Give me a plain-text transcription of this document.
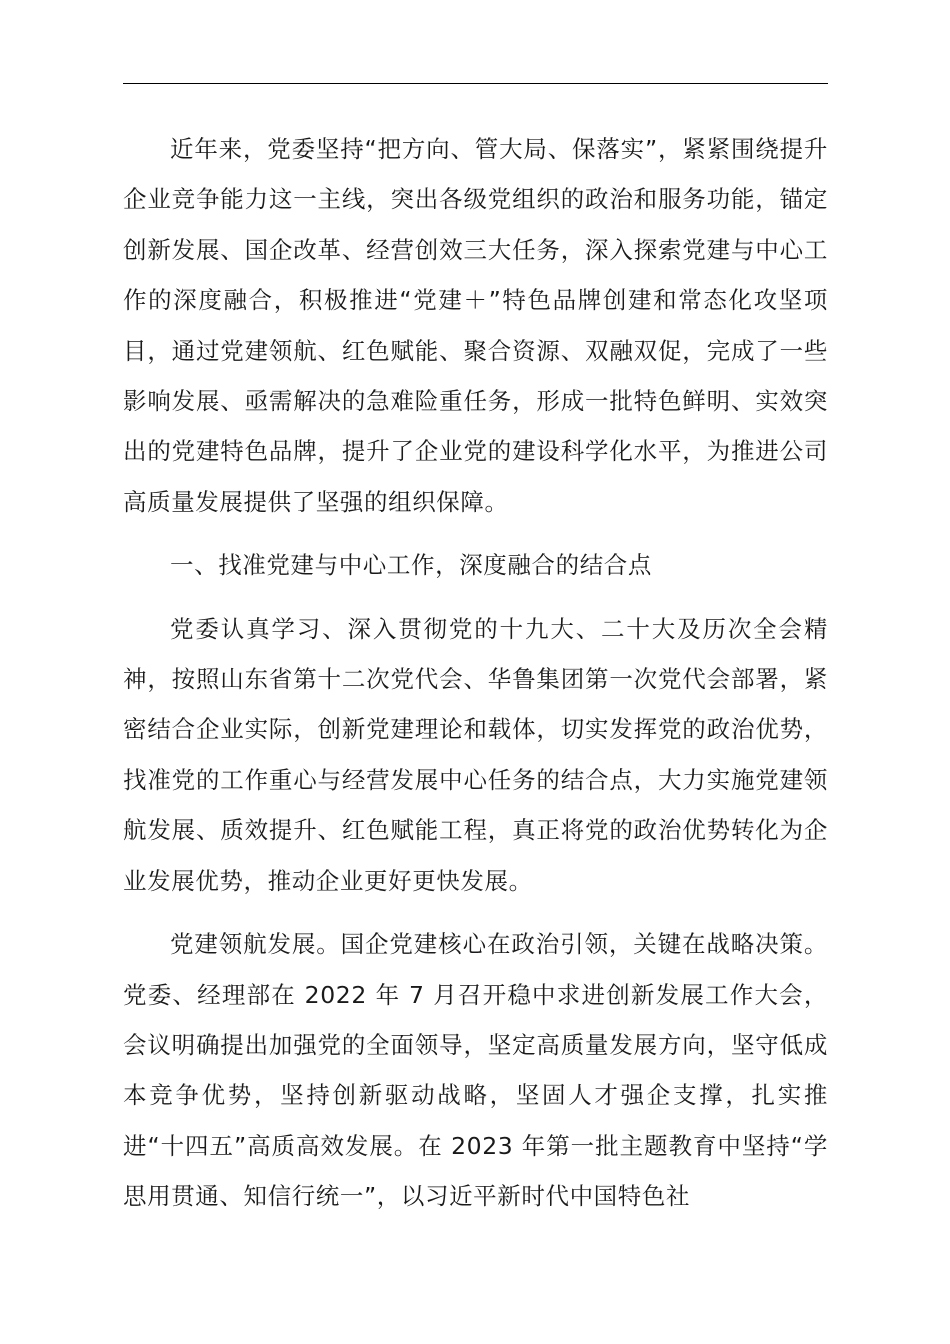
近年来，党委坚持“把方向、管大局、保落实”，紧紧围绕提升企业竞争能力这一主线，突出各级党组织的政治和服务功能，锚定创新发展、国企改革、经营创效三大任务，深入探索党建与中心工作的深度融合，积极推进“党建＋”特色品牌创建和常态化攻坚项目，通过党建领航、红色赋能、聚合资源、双融双促，完成了一些影响发展、亟需解决的急难险重任务，形成一批特色鲜明、实效突出的党建特色品牌，提升了企业党的建设科学化水平，为推进公司高质量发展提供了坚强的组织保障。

一、找准党建与中心工作，深度融合的结合点

党委认真学习、深入贯彻党的十九大、二十大及历次全会精神，按照山东省第十二次党代会、华鲁集团第一次党代会部署，紧密结合企业实际，创新党建理论和载体，切实发挥党的政治优势，找准党的工作重心与经营发展中心任务的结合点，大力实施党建领航发展、质效提升、红色赋能工程，真正将党的政治优势转化为企业发展优势，推动企业更好更快发展。

党建领航发展。国企党建核心在政治引领，关键在战略决策。党委、经理部在 2022 年 7 月召开稳中求进创新发展工作大会，会议明确提出加强党的全面领导，坚定高质量发展方向，坚守低成本竞争优势，坚持创新驱动战略，坚固人才强企支撑，扎实推进“十四五”高质高效发展。在 2023 年第一批主题教育中坚持“学思用贯通、知信行统一”，以习近平新时代中国特色社
